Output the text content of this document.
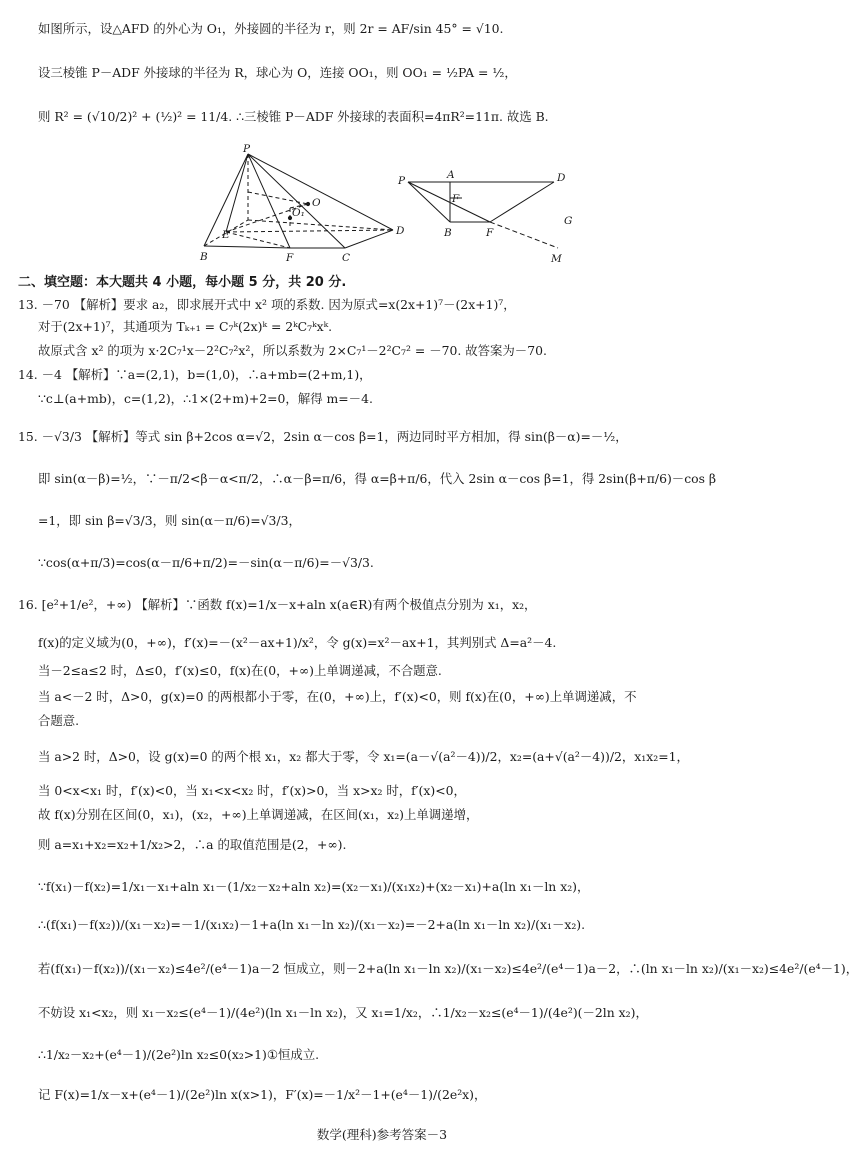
如图所示，设△AFD 的外心为 O₁，外接圆的半径为 r，则 2r = AF/sin 45° = √10.
设三棱锥 P－ADF 外接球的半径为 R，球心为 O，连接 OO₁，则 OO₁ = ½PA = ½，
则 R² = (√10/2)² + (½)² = 11/4. ∴三棱锥 P－ADF 外接球的表面积=4πR²=11π. 故选 B.
P
O
O₁
E
B	F	C
D
P	A	D
F
B	F
G
M
二、填空题：本大题共 4 小题，每小题 5 分，共 20 分.
13. －70 【解析】要求 a₂，即求展开式中 x² 项的系数. 因为原式=x(2x+1)⁷－(2x+1)⁷，
对于(2x+1)⁷，其通项为 Tₖ₊₁ = C₇ᵏ(2x)ᵏ = 2ᵏC₇ᵏxᵏ.
故原式含 x² 的项为 x·2C₇¹x－2²C₇²x²，所以系数为 2×C₇¹－2²C₇² = －70. 故答案为－70.
14. －4 【解析】∵a=(2,1)，b=(1,0)，∴a+mb=(2+m,1)，
∵c⊥(a+mb)，c=(1,2)，∴1×(2+m)+2=0，解得 m=－4.
15. －√3/3 【解析】等式 sin β+2cos α=√2，2sin α－cos β=1，两边同时平方相加，得 sin(β－α)=－½，
即 sin(α－β)=½，∵－π/2<β－α<π/2，∴α－β=π/6，得 α=β+π/6，代入 2sin α－cos β=1，得 2sin(β+π/6)－cos β
=1，即 sin β=√3/3，则 sin(α－π/6)=√3/3，
∵cos(α+π/3)=cos(α－π/6+π/2)=－sin(α－π/6)=－√3/3.
16. [e²+1/e²，+∞) 【解析】∵函数 f(x)=1/x－x+aln x(a∈R)有两个极值点分别为 x₁，x₂，
f(x)的定义域为(0，+∞)，f′(x)=－(x²－ax+1)/x²，令 g(x)=x²－ax+1，其判别式 Δ=a²－4.
当－2≤a≤2 时，Δ≤0，f′(x)≤0，f(x)在(0，+∞)上单调递减，不合题意.
当 a<－2 时，Δ>0，g(x)=0 的两根都小于零，在(0，+∞)上，f′(x)<0，则 f(x)在(0，+∞)上单调递减，不
合题意.
当 a>2 时，Δ>0，设 g(x)=0 的两个根 x₁，x₂ 都大于零，令 x₁=(a－√(a²－4))/2，x₂=(a+√(a²－4))/2，x₁x₂=1，
当 0<x<x₁ 时，f′(x)<0，当 x₁<x<x₂ 时，f′(x)>0，当 x>x₂ 时，f′(x)<0，
故 f(x)分别在区间(0，x₁)，(x₂，+∞)上单调递减，在区间(x₁，x₂)上单调递增，
则 a=x₁+x₂=x₂+1/x₂>2，∴a 的取值范围是(2，+∞).
∵f(x₁)－f(x₂)=1/x₁－x₁+aln x₁－(1/x₂－x₂+aln x₂)=(x₂－x₁)/(x₁x₂)+(x₂－x₁)+a(ln x₁－ln x₂)，
∴(f(x₁)－f(x₂))/(x₁－x₂)=－1/(x₁x₂)－1+a(ln x₁－ln x₂)/(x₁－x₂)=－2+a(ln x₁－ln x₂)/(x₁－x₂).
若(f(x₁)－f(x₂))/(x₁－x₂)≤4e²/(e⁴－1)a－2 恒成立，则－2+a(ln x₁－ln x₂)/(x₁－x₂)≤4e²/(e⁴－1)a－2，∴(ln x₁－ln x₂)/(x₁－x₂)≤4e²/(e⁴－1)，
不妨设 x₁<x₂，则 x₁－x₂≤(e⁴－1)/(4e²)(ln x₁－ln x₂)，又 x₁=1/x₂，∴1/x₂－x₂≤(e⁴－1)/(4e²)(－2ln x₂)，
∴1/x₂－x₂+(e⁴－1)/(2e²)ln x₂≤0(x₂>1)①恒成立.
记 F(x)=1/x－x+(e⁴－1)/(2e²)ln x(x>1)，F′(x)=－1/x²－1+(e⁴－1)/(2e²x)，
数学(理科)参考答案－3
